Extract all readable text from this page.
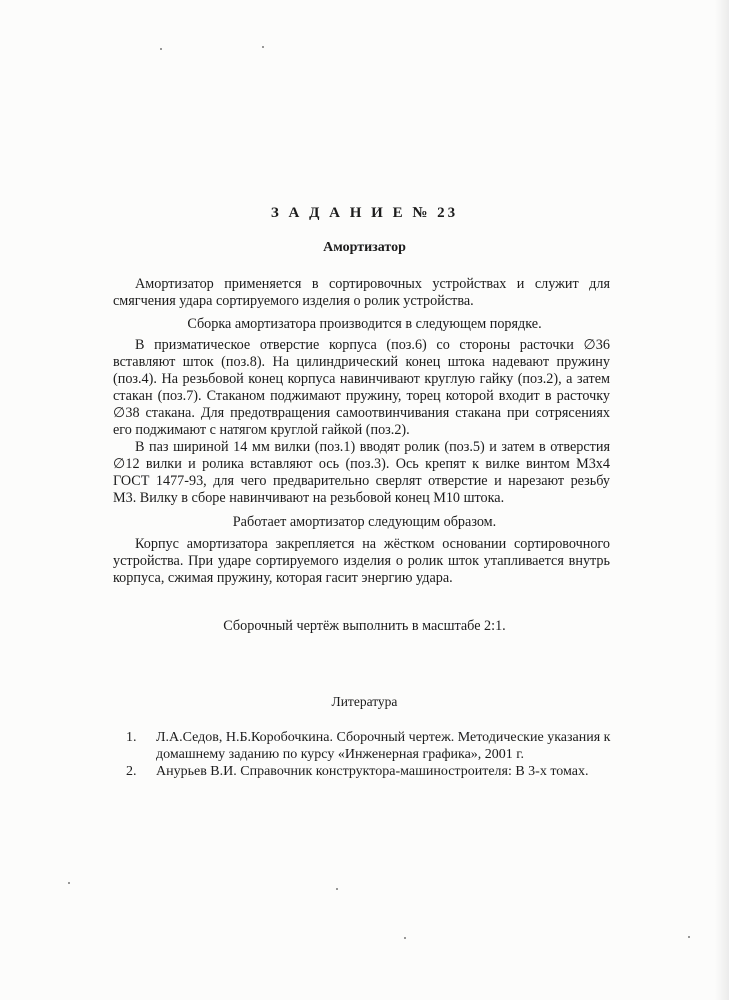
З А Д А Н И Е № 23
Амортизатор

Амортизатор применяется в сортировочных устройствах и служит для смягчения удара сортируемого изделия о ролик устройства.

Сборка амортизатора производится в следующем порядке.

В призматическое отверстие корпуса (поз.6) со стороны расточки ∅36 вставляют шток (поз.8). На цилиндрический конец штока надевают пружину (поз.4). На резьбовой конец корпуса навинчивают круглую гайку (поз.2), а затем стакан (поз.7). Стаканом поджимают пружину, торец которой входит в расточку ∅38 стакана. Для предотвращения самоотвинчивания стакана при сотрясениях его поджимают с натягом круглой гайкой (поз.2).

В паз шириной 14 мм вилки (поз.1) вводят ролик (поз.5) и затем в отверстия ∅12 вилки и ролика вставляют ось (поз.3). Ось крепят к вилке винтом М3х4 ГОСТ 1477-93, для чего предварительно сверлят отверстие и нарезают резьбу М3. Вилку в сборе навинчивают на резьбовой конец М10 штока.

Работает амортизатор следующим образом.

Корпус амортизатора закрепляется на жёстком основании сортировочного устройства. При ударе сортируемого изделия о ролик шток утапливается внутрь корпуса, сжимая пружину, которая гасит энергию удара.

Сборочный чертёж выполнить в масштабе 2:1.
Литература
1. Л.А.Седов, Н.Б.Коробочкина. Сборочный чертеж. Методические указания к домашнему заданию по курсу «Инженерная графика», 2001 г.
2. Анурьев В.И. Справочник конструктора-машиностроителя: В 3-х томах.
